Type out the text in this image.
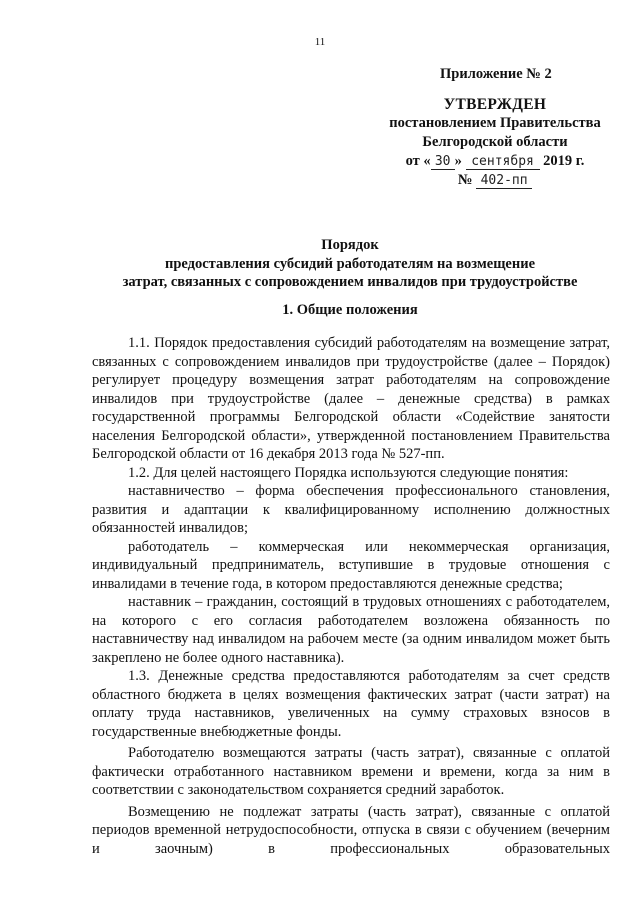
11
Приложение № 2
УТВЕРЖДЕН
постановлением Правительства
Белгородской области
от « 30 » сентября 2019 г.
№ 402-пп
Порядок
предоставления субсидий работодателям на возмещение
затрат, связанных с сопровождением инвалидов при трудоустройстве
1. Общие положения

1.1. Порядок предоставления субсидий работодателям на возмещение затрат, связанных с сопровождением инвалидов при трудоустройстве (далее – Порядок) регулирует процедуру возмещения затрат работодателям на сопровождение инвалидов при трудоустройстве (далее – денежные средства) в рамках государственной программы Белгородской области «Содействие занятости населения Белгородской области», утвержденной постановлением Правительства Белгородской области от 16 декабря 2013 года № 527-пп.

1.2. Для целей настоящего Порядка используются следующие понятия:

наставничество – форма обеспечения профессионального становления, развития и адаптации к квалифицированному исполнению должностных обязанностей инвалидов;

работодатель – коммерческая или некоммерческая организация, индивидуальный предприниматель, вступившие в трудовые отношения с инвалидами в течение года, в котором предоставляются денежные средства;

наставник – гражданин, состоящий в трудовых отношениях с работодателем, на которого с его согласия работодателем возложена обязанность по наставничеству над инвалидом на рабочем месте (за одним инвалидом может быть закреплено не более одного наставника).

1.3. Денежные средства предоставляются работодателям за счет средств областного бюджета в целях возмещения фактических затрат (части затрат) на оплату труда наставников, увеличенных на сумму страховых взносов в государственные внебюджетные фонды.

Работодателю возмещаются затраты (часть затрат), связанные с оплатой фактически отработанного наставником времени и времени, когда за ним в соответствии с законодательством сохраняется средний заработок.

Возмещению не подлежат затраты (часть затрат), связанные с оплатой периодов временной нетрудоспособности, отпуска в связи с обучением (вечерним и заочным) в профессиональных образовательных
